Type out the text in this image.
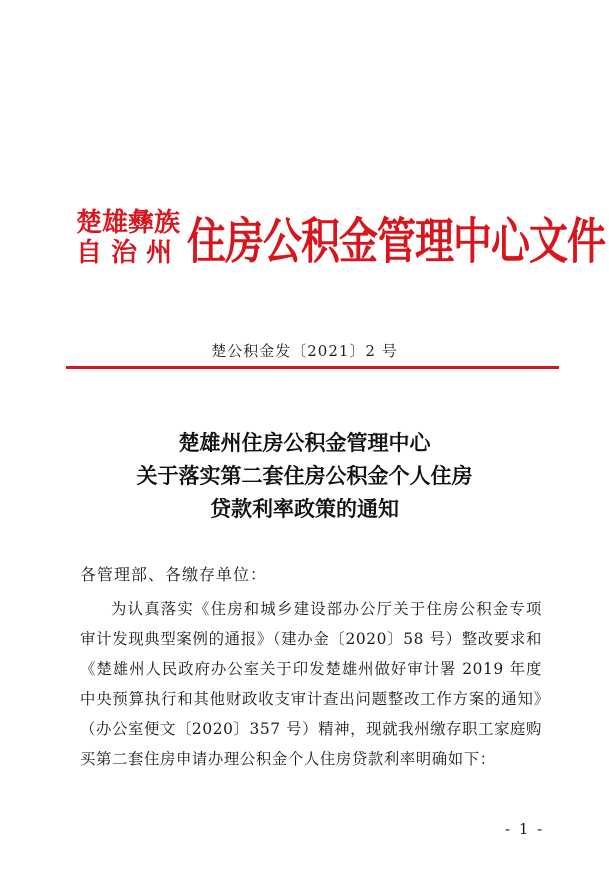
楚雄彝族
自治州 住房公积金管理中心文件
楚公积金发〔2021〕2 号
楚雄州住房公积金管理中心
关于落实第二套住房公积金个人住房
贷款利率政策的通知
各管理部、各缴存单位：
为认真落实《住房和城乡建设部办公厅关于住房公积金专项审计发现典型案例的通报》（建办金〔2020〕58 号）整改要求和《楚雄州人民政府办公室关于印发楚雄州做好审计署 2019 年度中央预算执行和其他财政收支审计查出问题整改工作方案的通知》（办公室便文〔2020〕357 号）精神，现就我州缴存职工家庭购买第二套住房申请办理公积金个人住房贷款利率明确如下：
- 1 -
